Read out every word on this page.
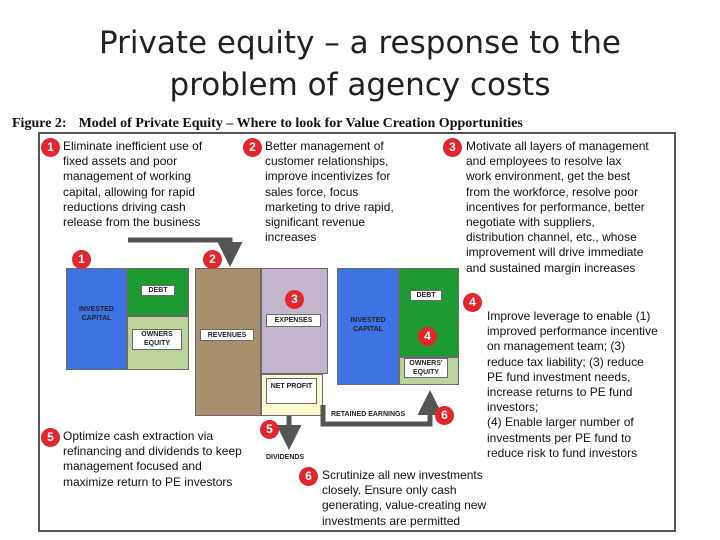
Private equity – a response to the
problem of agency costs
Figure 2: Model of Private Equity – Where to look for Value Creation Opportunities
1 Eliminate inefficient use of
fixed assets and poor
management of working
capital, allowing for rapid
reductions driving cash
release from the business
2 Better management of
customer relationships,
improve incentivizes for
sales force, focus
marketing to drive rapid,
significant revenue
increases
3 Motivate all layers of management
and employees to resolve lax
work environment, get the best
from the workforce, resolve poor
incentives for performance, better
negotiate with suppliers,
distribution channel, etc., whose
improvement will drive immediate
and sustained margin increases
4
Improve leverage to enable (1)
improved performance incentive
on management team; (3)
reduce tax liability; (3) reduce
PE fund investment needs,
increase returns to PE fund
investors;
(4) Enable larger number of
investments per PE fund to
reduce risk to fund investors
5 Optimize cash extraction via
refinancing and dividends to keep
management focused and
maximize return to PE investors	6 Scrutinize all new investments
closely. Ensure only cash
generating, value-creating new
investments are permitted
INVESTED CAPITAL
DEBT
OWNERS EQUITY
REVENUES
EXPENSES
NET PROFIT
INVESTED CAPITAL
DEBT
OWNERS' EQUITY
RETAINED EARNINGS
DIVIDENDS
1	2
3
4
5
6
